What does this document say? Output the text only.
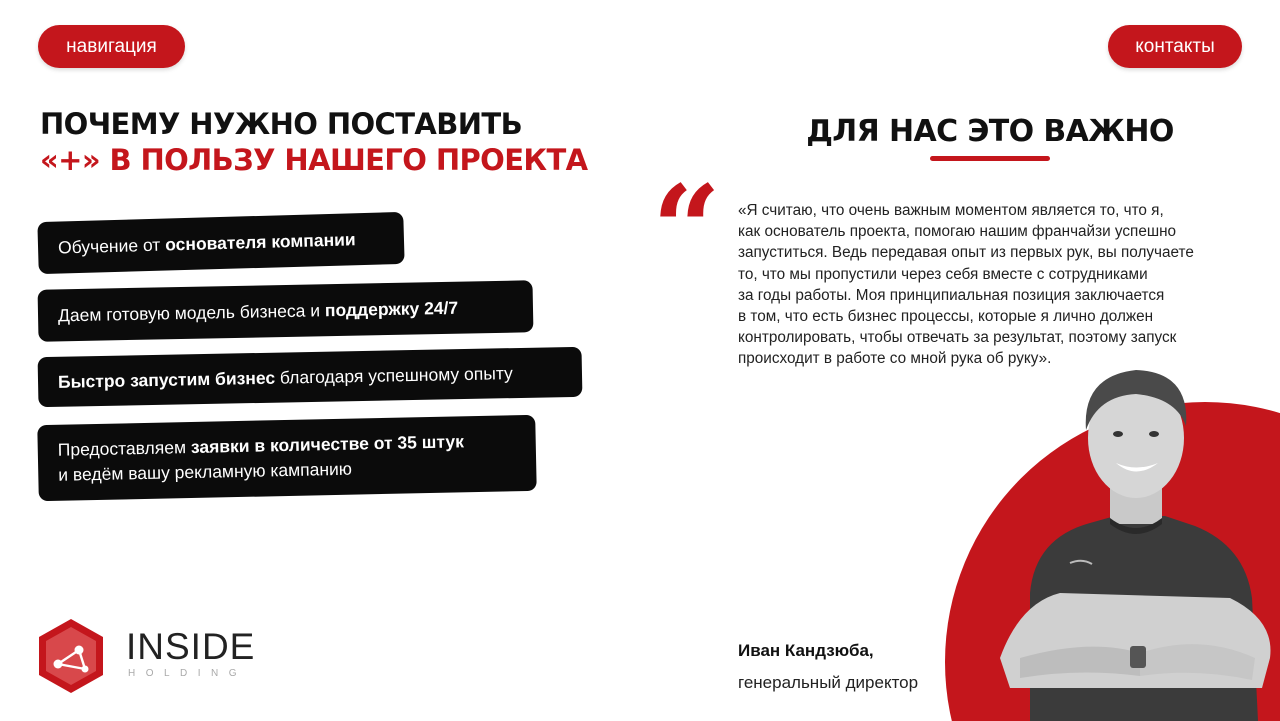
навигация	контакты
ПОЧЕМУ НУЖНО ПОСТАВИТЬ
«+» В ПОЛЬЗУ НАШЕГО ПРОЕКТА
Обучение от основателя компании
Даем готовую модель бизнеса и поддержку 24/7
Быстро запустим бизнес благодаря успешному опыту
Предоставляем заявки в количестве от 35 штук
и ведём вашу рекламную кампанию
INSIDE
HOLDING
ДЛЯ НАС ЭТО ВАЖНО
“ «Я считаю, что очень важным моментом является то, что я,
как основатель проекта, помогаю нашим франчайзи успешно
запуститься. Ведь передавая опыт из первых рук, вы получаете
то, что мы пропустили через себя вместе с сотрудниками
за годы работы. Моя принципиальная позиция заключается
в том, что есть бизнес процессы, которые я лично должен
контролировать, чтобы отвечать за результат, поэтому запуск
происходит в работе со мной рука об руку».
Иван Кандзюба,
генеральный директор
